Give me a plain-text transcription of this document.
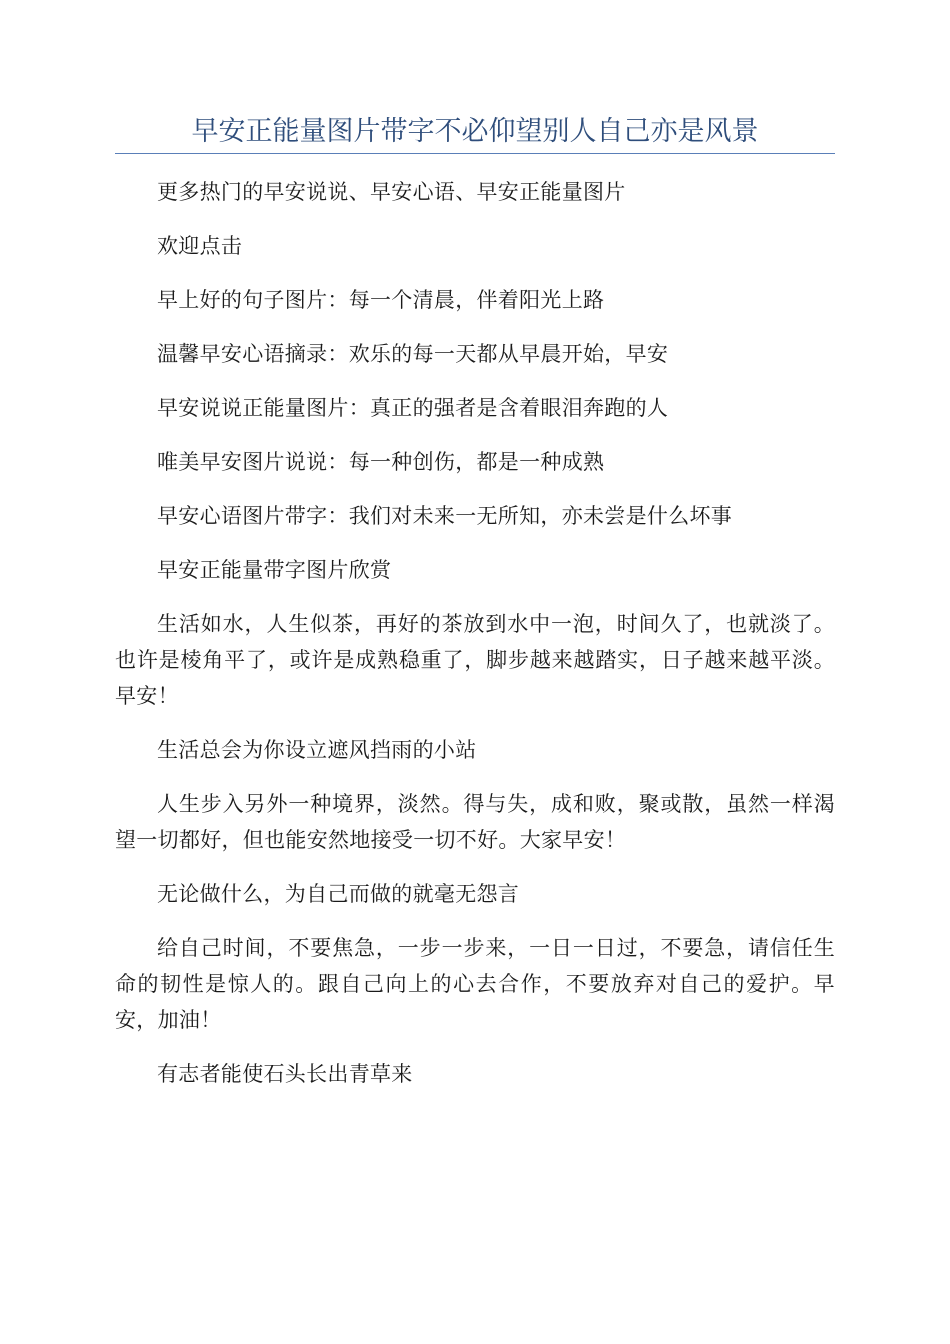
早安正能量图片带字不必仰望别人自己亦是风景

更多热门的早安说说、早安心语、早安正能量图片

欢迎点击

早上好的句子图片：每一个清晨，伴着阳光上路

温馨早安心语摘录：欢乐的每一天都从早晨开始，早安

早安说说正能量图片：真正的强者是含着眼泪奔跑的人

唯美早安图片说说：每一种创伤，都是一种成熟

早安心语图片带字：我们对未来一无所知，亦未尝是什么坏事

早安正能量带字图片欣赏

生活如水，人生似茶，再好的茶放到水中一泡，时间久了，也就淡了。也许是棱角平了，或许是成熟稳重了，脚步越来越踏实，日子越来越平淡。早安！

生活总会为你设立遮风挡雨的小站

人生步入另外一种境界，淡然。得与失，成和败，聚或散，虽然一样渴望一切都好，但也能安然地接受一切不好。大家早安！

无论做什么，为自己而做的就毫无怨言

给自己时间，不要焦急，一步一步来，一日一日过，不要急，请信任生命的韧性是惊人的。跟自己向上的心去合作，不要放弃对自己的爱护。早安，加油！

有志者能使石头长出青草来
